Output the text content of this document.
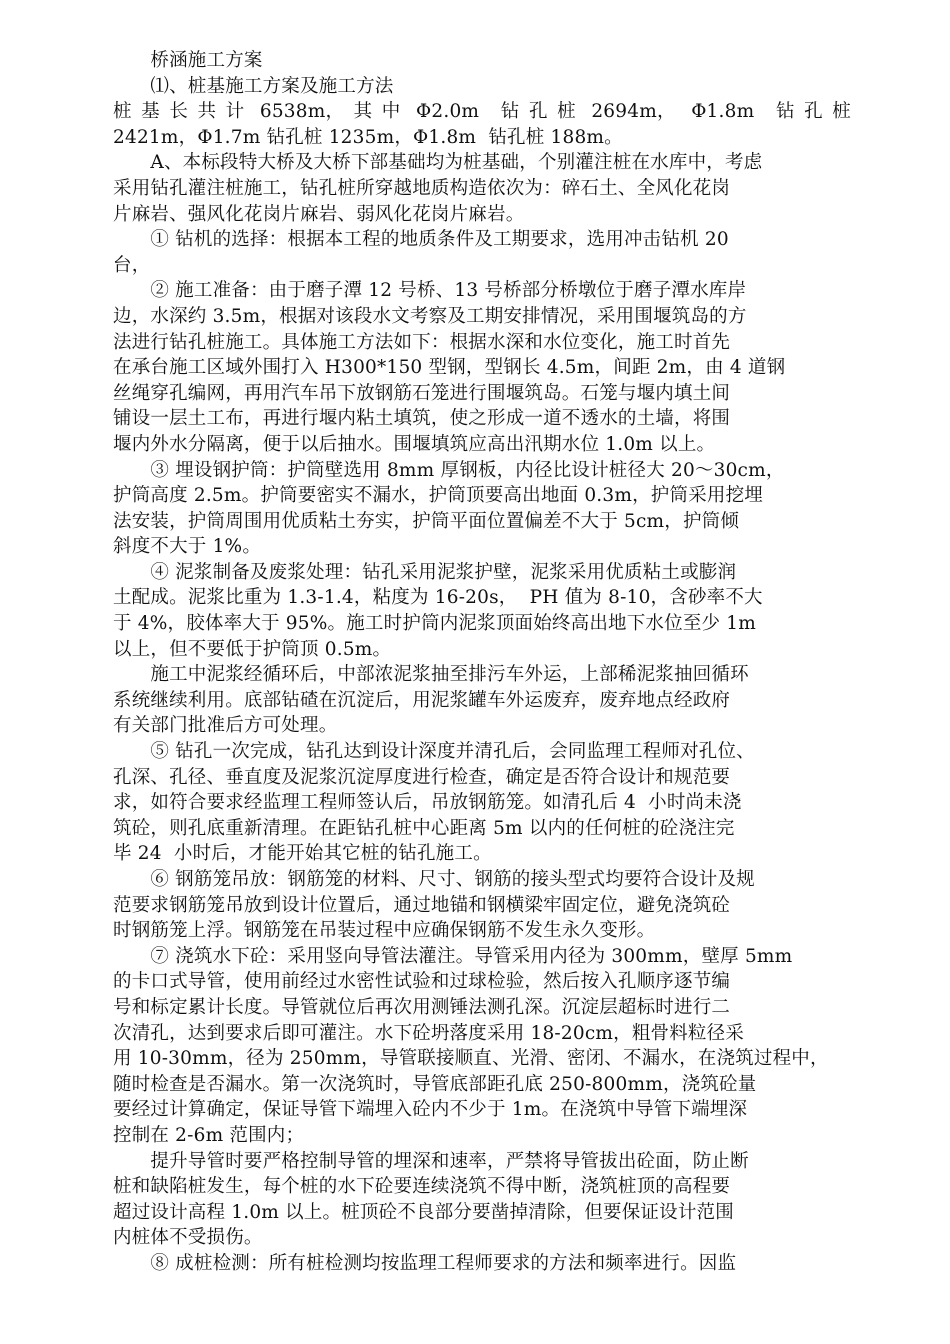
　　桥涵施工方案
　　⑴、桩基施工方案及施工方法
桩 基 长 共 计 6538m， 其 中 Φ2.0m 钻 孔 桩 2694m， Φ1.8m 钻 孔 桩
2421m，Φ1.7m 钻孔桩 1235m，Φ1.8m  钻孔桩 188m。
　　A、本标段特大桥及大桥下部基础均为桩基础，个别灌注桩在水库中，考虑
采用钻孔灌注桩施工，钻孔桩所穿越地质构造依次为：碎石土、全风化花岗
片麻岩、强风化花岗片麻岩、弱风化花岗片麻岩。
　　① 钻机的选择：根据本工程的地质条件及工期要求，选用冲击钻机 20
台，
　　② 施工准备：由于磨子潭 12 号桥、13 号桥部分桥墩位于磨子潭水库岸
边，水深约 3.5m，根据对该段水文考察及工期安排情况，采用围堰筑岛的方
法进行钻孔桩施工。具体施工方法如下：根据水深和水位变化，施工时首先
在承台施工区域外围打入 H300*150 型钢，型钢长 4.5m，间距 2m，由 4 道钢
丝绳穿孔编网，再用汽车吊下放钢筋石笼进行围堰筑岛。石笼与堰内填土间
铺设一层土工布，再进行堰内粘土填筑，使之形成一道不透水的土墙，将围
堰内外水分隔离，便于以后抽水。围堰填筑应高出汛期水位 1.0m 以上。
　　③ 埋设钢护筒：护筒壁选用 8mm 厚钢板，内径比设计桩径大 20～30cm，
护筒高度 2.5m。护筒要密实不漏水，护筒顶要高出地面 0.3m，护筒采用挖埋
法安装，护筒周围用优质粘土夯实，护筒平面位置偏差不大于 5cm，护筒倾
斜度不大于 1%。
　　④ 泥浆制备及废浆处理：钻孔采用泥浆护壁，泥浆采用优质粘土或膨润
土配成。泥浆比重为 1.3-1.4，粘度为 16-20s，  PH 值为 8-10，含砂率不大
于 4%，胶体率大于 95%。施工时护筒内泥浆顶面始终高出地下水位至少 1m
以上，但不要低于护筒顶 0.5m。
　　施工中泥浆经循环后，中部浓泥浆抽至排污车外运，上部稀泥浆抽回循环
系统继续利用。底部钻碴在沉淀后，用泥浆罐车外运废弃，废弃地点经政府
有关部门批准后方可处理。
　　⑤ 钻孔一次完成，钻孔达到设计深度并清孔后，会同监理工程师对孔位、
孔深、孔径、垂直度及泥浆沉淀厚度进行检查，确定是否符合设计和规范要
求，如符合要求经监理工程师签认后，吊放钢筋笼。如清孔后 4  小时尚未浇
筑砼，则孔底重新清理。在距钻孔桩中心距离 5m 以内的任何桩的砼浇注完
毕 24  小时后，才能开始其它桩的钻孔施工。
　　⑥ 钢筋笼吊放：钢筋笼的材料、尺寸、钢筋的接头型式均要符合设计及规
范要求钢筋笼吊放到设计位置后，通过地锚和钢横梁牢固定位，避免浇筑砼
时钢筋笼上浮。钢筋笼在吊装过程中应确保钢筋不发生永久变形。
　　⑦ 浇筑水下砼：采用竖向导管法灌注。导管采用内径为 300mm，壁厚 5mm
的卡口式导管，使用前经过水密性试验和过球检验，然后按入孔顺序逐节编
号和标定累计长度。导管就位后再次用测锤法测孔深。沉淀层超标时进行二
次清孔，达到要求后即可灌注。水下砼坍落度采用 18-20cm，粗骨料粒径采
用 10-30mm，径为 250mm，导管联接顺直、光滑、密闭、不漏水，在浇筑过程中，
随时检查是否漏水。第一次浇筑时，导管底部距孔底 250-800mm，浇筑砼量
要经过计算确定，保证导管下端埋入砼内不少于 1m。在浇筑中导管下端埋深
控制在 2-6m 范围内；
　　提升导管时要严格控制导管的埋深和速率，严禁将导管拔出砼面，防止断
桩和缺陷桩发生，每个桩的水下砼要连续浇筑不得中断，浇筑桩顶的高程要
超过设计高程 1.0m 以上。桩顶砼不良部分要凿掉清除，但要保证设计范围
内桩体不受损伤。
　　⑧ 成桩检测：所有桩检测均按监理工程师要求的方法和频率进行。因监
